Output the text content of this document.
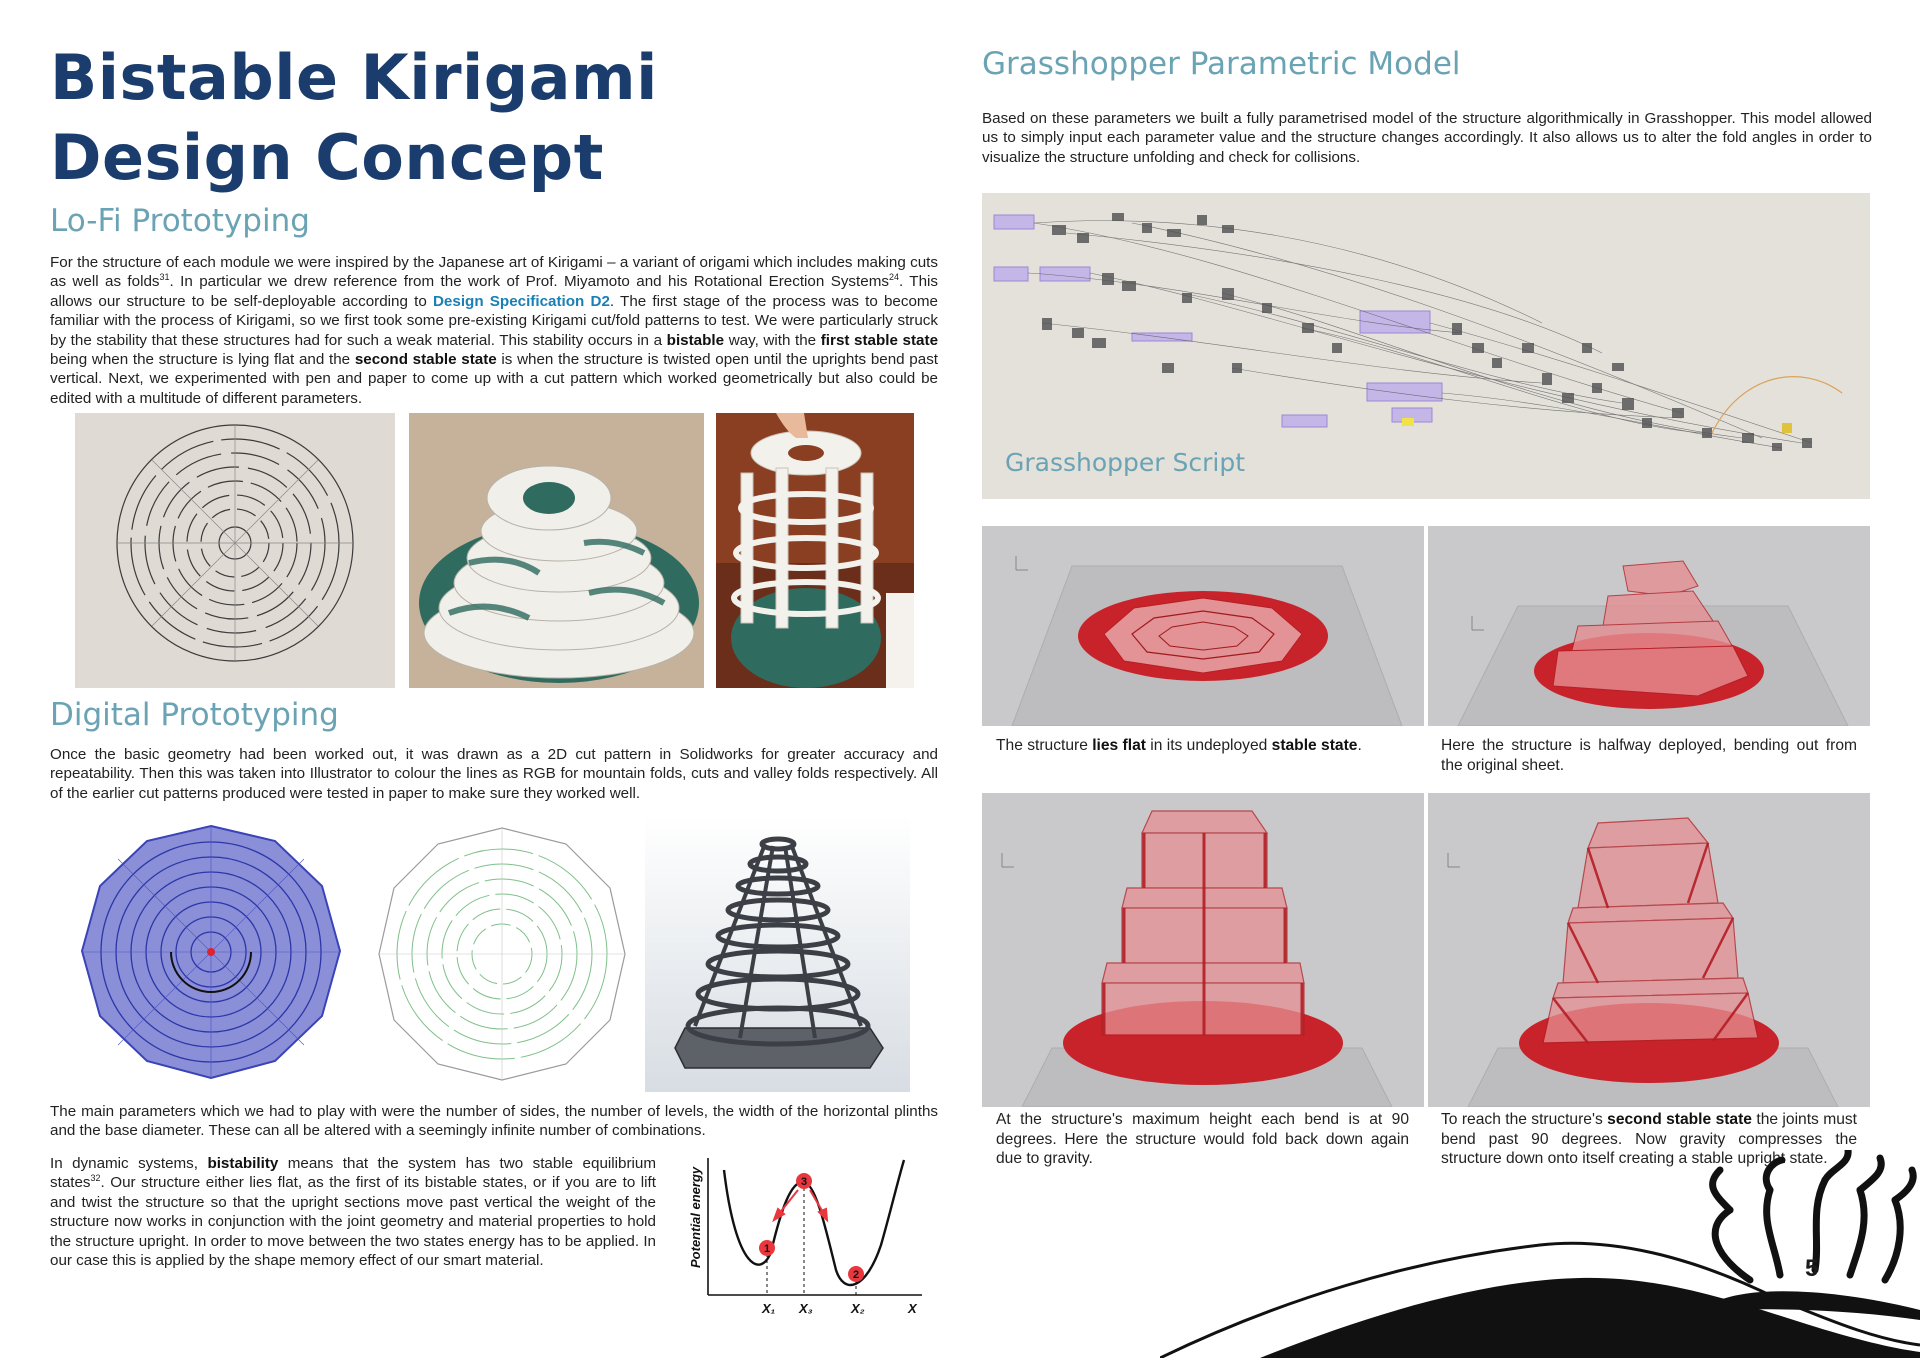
Bistable Kirigami
Design Concept
Lo-Fi Prototyping
For the structure of each module we were inspired by the Japanese art of Kirigami – a variant of origami which includes making cuts as well as folds$^{31}$. In particular we drew reference from the work of Prof. Miyamoto and his Rotational Erection Systems$^{24}$. This allows our structure to be self-deployable according to Design Specification D2. The first stage of the process was to become familiar with the process of Kirigami, so we first took some pre-existing Kirigami cut/fold patterns to test. We were particularly struck by the stability that these structures had for such a weak material. This stability occurs in a bistable way, with the first stable state being when the structure is lying flat and the second stable state is when the structure is twisted open until the uprights bend past vertical. Next, we experimented with pen and paper to come up with a cut pattern which worked geometrically but also could be edited with a multitude of different parameters.
Digital Prototyping
Once the basic geometry had been worked out, it was drawn as a 2D cut pattern in Solidworks for greater accuracy and repeatability. Then this was taken into Illustrator to colour the lines as RGB for mountain folds, cuts and valley folds respectively. All of the earlier cut patterns produced were tested in paper to make sure they worked well.
The main parameters which we had to play with were the number of sides, the number of levels, the width of the horizontal plinths and the base diameter. These can all be altered with a seemingly infinite number of combinations.
In dynamic systems, bistability means that the system has two stable equilibrium states$^{32}$. Our structure either lies flat, as the first of its bistable states, or if you are to lift and twist the structure so that the upright sections move past vertical the weight of the structure now works in conjunction with the joint geometry and material properties to hold the structure upright. In order to move between the two states energy has to be applied. In our case this is applied by the shape memory effect of our smart material.	Potential energy	1
3
2
X₁ X₃	X₂	X
Grasshopper Parametric Model
Based on these parameters we built a fully parametrised model of the structure algorithmically in Grasshopper. This model allowed us to simply input each parameter value and the structure changes accordingly. It also allows us to alter the fold angles in order to visualize the structure unfolding and check for collisions.
Grasshopper Script
The structure lies flat in its undeployed stable state.	Here the structure is halfway deployed, bending out from the original sheet.
At the structure's maximum height each bend is at 90 degrees. Here the structure would fold back down again due to gravity.
To reach the structure's second stable state the joints must bend past 90 degrees. Now gravity compresses the structure down onto itself creating a stable upright state.
5
